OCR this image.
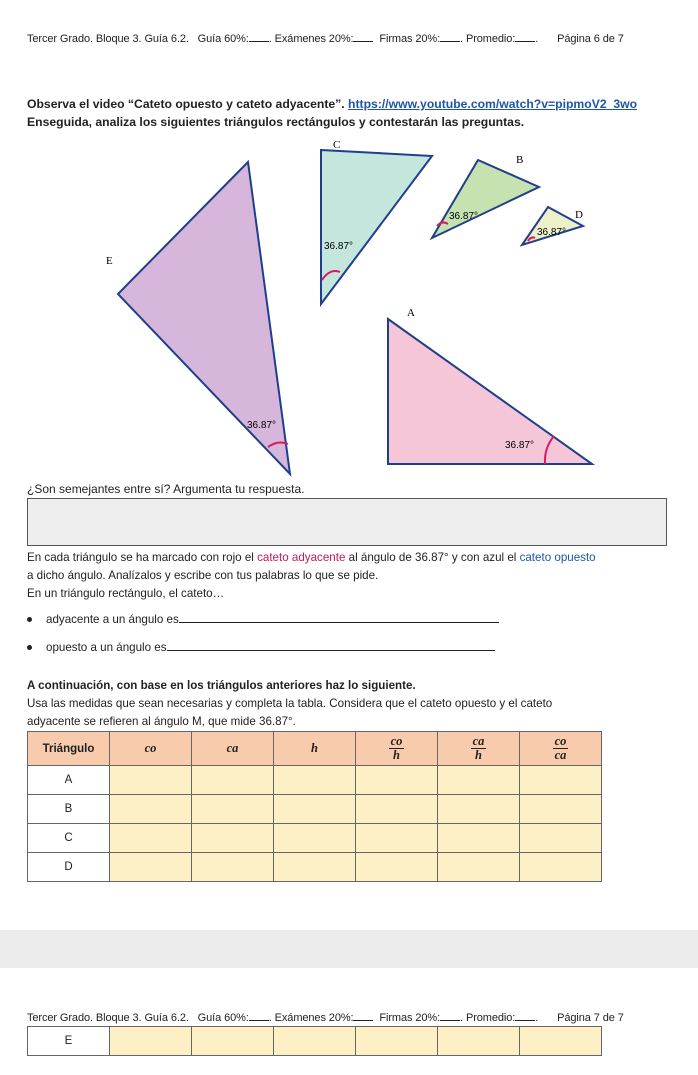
Tercer Grado. Bloque 3. Guía 6.2. Guía 60%: . Exámenes 20%: Firmas 20%: . Promedio: . Página 6 de 7
Observa el video “Cateto opuesto y cateto adyacente”. https://www.youtube.com/watch?v=pipmoV2_3wo
Enseguida, analiza los siguientes triángulos rectángulos y contestarán las preguntas.
36.87°
E
36.87°
C
36.87°
B
36.87°
D
36.87°
A
¿Son semejantes entre sí? Argumenta tu respuesta.
En cada triángulo se ha marcado con rojo el cateto adyacente al ángulo de 36.87° y con azul el cateto opuesto
a dicho ángulo. Analízalos y escribe con tus palabras lo que se pide.
En un triángulo rectángulo, el cateto…
adyacente a un ángulo es
opuesto a un ángulo es
A continuación, con base en los triángulos anteriores haz lo siguiente.
Usa las medidas que sean necesarias y completa la tabla. Considera que el cateto opuesto y el cateto
adyacente se refieren al ángulo M, que mide 36.87°.
Triángulo	co	ca	h	$\frac{co}{h}$	$\frac{ca}{h}$	$\frac{co}{ca}$

A						
B						
C						
D						
Tercer Grado. Bloque 3. Guía 6.2. Guía 60%: . Exámenes 20%: Firmas 20%: . Promedio: . Página 7 de 7
E						
